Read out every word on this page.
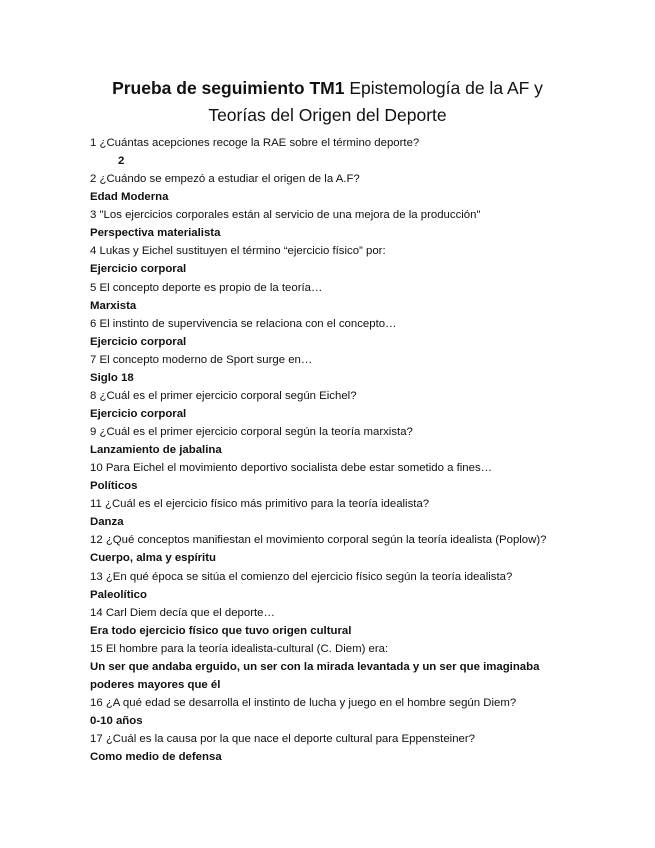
Prueba de seguimiento TM1 Epistemología de la AF y
Teorías del Origen del Deporte
1 ¿Cuántas acepciones recoge la RAE sobre el término deporte?
2
2 ¿Cuándo se empezó a estudiar el origen de la A.F?
Edad Moderna
3 "Los ejercicios corporales están al servicio de una mejora de la producción"
Perspectiva materialista
4 Lukas y Eichel sustituyen el término “ejercicio físico” por:
Ejercicio corporal
5 El concepto deporte es propio de la teoría…
Marxista
6 El instinto de supervivencia se relaciona con el concepto…
Ejercicio corporal
7 El concepto moderno de Sport surge en…
Siglo 18
8 ¿Cuál es el primer ejercicio corporal según Eichel?
Ejercicio corporal
9 ¿Cuál es el primer ejercicio corporal según la teoría marxista?
Lanzamiento de jabalina
10 Para Eichel el movimiento deportivo socialista debe estar sometido a fines…
Políticos
11 ¿Cuál es el ejercicio físico más primitivo para la teoría idealista?
Danza
12 ¿Qué conceptos manifiestan el movimiento corporal según la teoría idealista (Poplow)?
Cuerpo, alma y espíritu
13 ¿En qué época se sitúa el comienzo del ejercicio físico según la teoría idealista?
Paleolítico
14 Carl Diem decía que el deporte…
Era todo ejercicio físico que tuvo origen cultural
15 El hombre para la teoría idealista-cultural (C. Diem) era:
Un ser que andaba erguido, un ser con la mirada levantada y un ser que imaginaba poderes mayores que él
16 ¿A qué edad se desarrolla el instinto de lucha y juego en el hombre según Diem?
0-10 años
17 ¿Cuál es la causa por la que nace el deporte cultural para Eppensteiner?
Como medio de defensa
